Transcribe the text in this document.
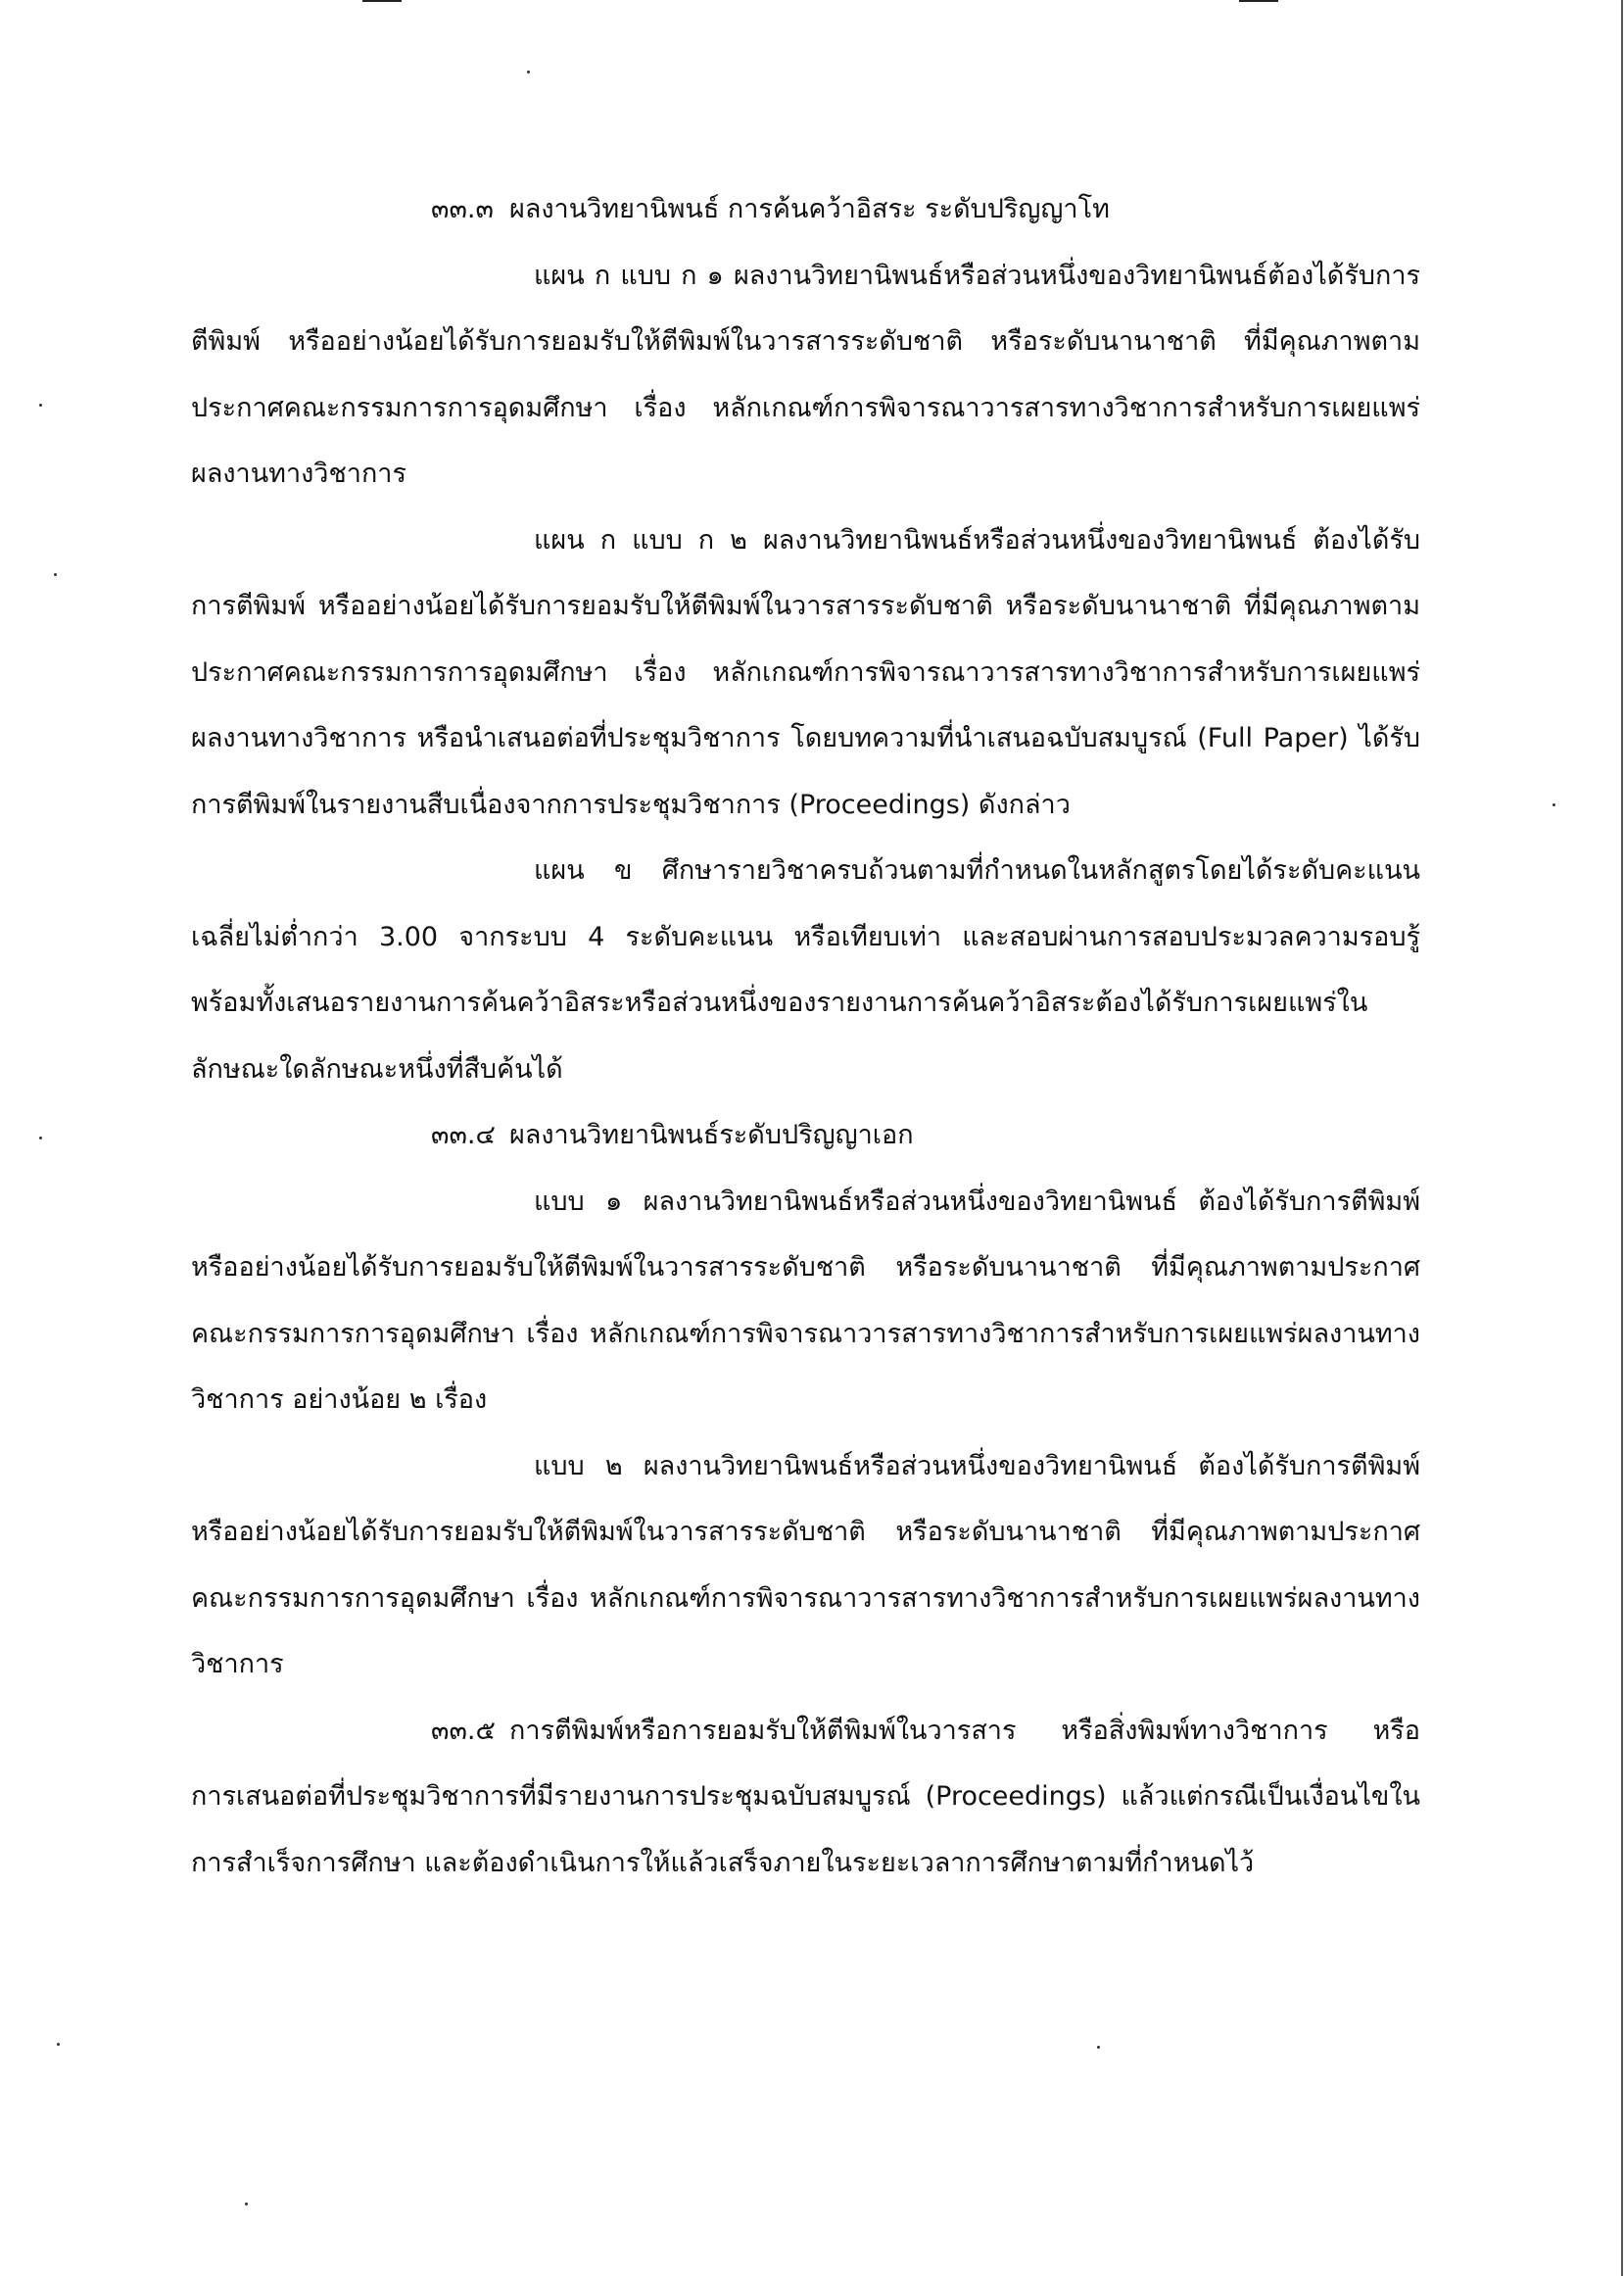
๓๓.๓ ผลงานวิทยานิพนธ์ การค้นคว้าอิสระ ระดับปริญญาโท
แผน ก แบบ ก ๑ ผลงานวิทยานิพนธ์หรือส่วนหนึ่งของวิทยานิพนธ์ต้องได้รับการ
ตีพิมพ์ หรืออย่างน้อยได้รับการยอมรับให้ตีพิมพ์ในวารสารระดับชาติ หรือระดับนานาชาติ ที่มีคุณภาพตาม
ประกาศคณะกรรมการการอุดมศึกษา เรื่อง หลักเกณฑ์การพิจารณาวารสารทางวิชาการสำหรับการเผยแพร่
ผลงานทางวิชาการ
แผน ก แบบ ก ๒ ผลงานวิทยานิพนธ์หรือส่วนหนึ่งของวิทยานิพนธ์ ต้องได้รับ
การตีพิมพ์ หรืออย่างน้อยได้รับการยอมรับให้ตีพิมพ์ในวารสารระดับชาติ หรือระดับนานาชาติ ที่มีคุณภาพตาม
ประกาศคณะกรรมการการอุดมศึกษา เรื่อง หลักเกณฑ์การพิจารณาวารสารทางวิชาการสำหรับการเผยแพร่
ผลงานทางวิชาการ หรือนำเสนอต่อที่ประชุมวิชาการ โดยบทความที่นำเสนอฉบับสมบูรณ์ (Full Paper) ได้รับ
การตีพิมพ์ในรายงานสืบเนื่องจากการประชุมวิชาการ (Proceedings) ดังกล่าว
แผน ข ศึกษารายวิชาครบถ้วนตามที่กำหนดในหลักสูตรโดยได้ระดับคะแนน
เฉลี่ยไม่ต่ำกว่า 3.00 จากระบบ 4 ระดับคะแนน หรือเทียบเท่า และสอบผ่านการสอบประมวลความรอบรู้
พร้อมทั้งเสนอรายงานการค้นคว้าอิสระหรือส่วนหนึ่งของรายงานการค้นคว้าอิสระต้องได้รับการเผยแพร่ใน
ลักษณะใดลักษณะหนึ่งที่สืบค้นได้
๓๓.๔ ผลงานวิทยานิพนธ์ระดับปริญญาเอก
แบบ ๑ ผลงานวิทยานิพนธ์หรือส่วนหนึ่งของวิทยานิพนธ์ ต้องได้รับการตีพิมพ์
หรืออย่างน้อยได้รับการยอมรับให้ตีพิมพ์ในวารสารระดับชาติ หรือระดับนานาชาติ ที่มีคุณภาพตามประกาศ
คณะกรรมการการอุดมศึกษา เรื่อง หลักเกณฑ์การพิจารณาวารสารทางวิชาการสำหรับการเผยแพร่ผลงานทาง
วิชาการ อย่างน้อย ๒ เรื่อง
แบบ ๒ ผลงานวิทยานิพนธ์หรือส่วนหนึ่งของวิทยานิพนธ์ ต้องได้รับการตีพิมพ์
หรืออย่างน้อยได้รับการยอมรับให้ตีพิมพ์ในวารสารระดับชาติ หรือระดับนานาชาติ ที่มีคุณภาพตามประกาศ
คณะกรรมการการอุดมศึกษา เรื่อง หลักเกณฑ์การพิจารณาวารสารทางวิชาการสำหรับการเผยแพร่ผลงานทาง
วิชาการ
๓๓.๕ การตีพิมพ์หรือการยอมรับให้ตีพิมพ์ในวารสาร หรือสิ่งพิมพ์ทางวิชาการ หรือ
การเสนอต่อที่ประชุมวิชาการที่มีรายงานการประชุมฉบับสมบูรณ์ (Proceedings) แล้วแต่กรณีเป็นเงื่อนไขใน
การสำเร็จการศึกษา และต้องดำเนินการให้แล้วเสร็จภายในระยะเวลาการศึกษาตามที่กำหนดไว้
